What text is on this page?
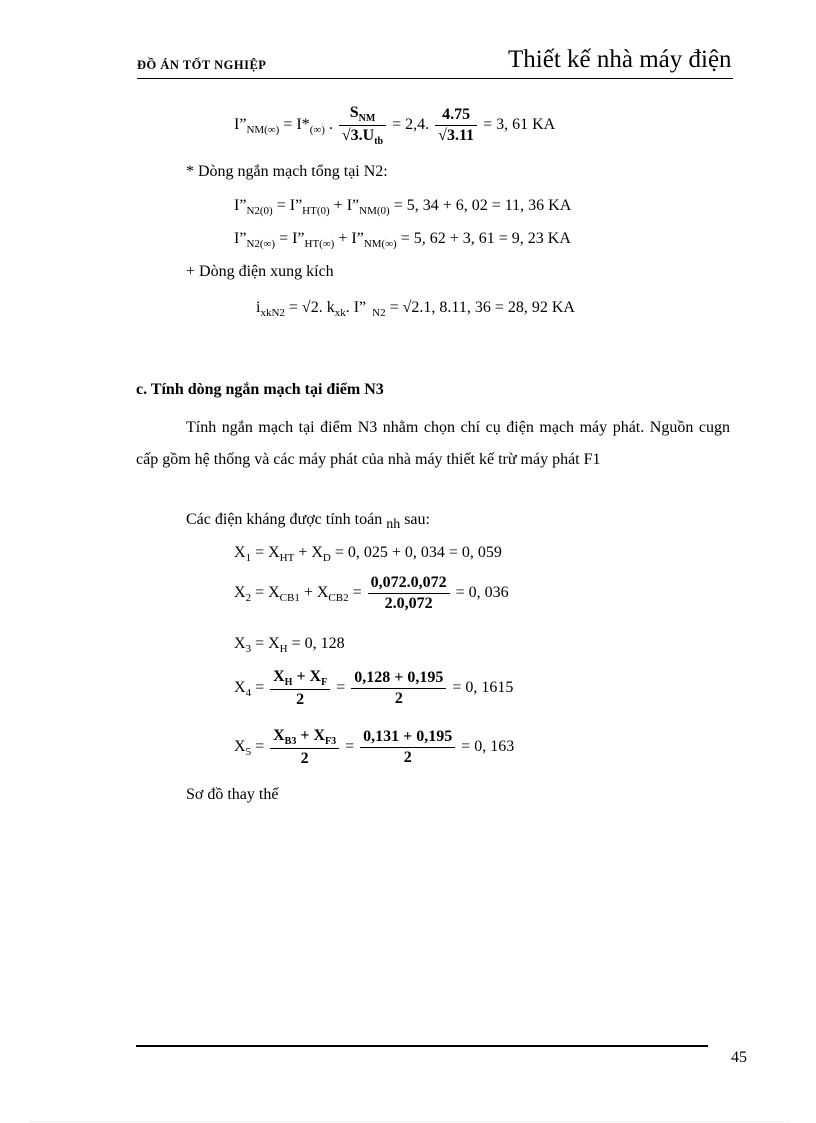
ĐỒ ÁN TỐT NGHIỆP	Thiết kế nhà máy điện
$I”_{NM(\infty)} = I*_{(\infty)}$ . $\frac{S_{NM}}{√3.U_{tb}} = 2,4$. $\frac{4.75}{√3.11} = 3$, 61 KA
* Dòng ngắn mạch tổng tại N2:
$I”_{N2(0)}$ = $I”_{HT(0)}$ + $I”_{NM(0)} = 5$, 34 + 6, 02 = 11, 36 KA
$I”_{N2(\infty)}$ = $I”_{HT(\infty)}$ + $I”_{NM(\infty)} = 5$, 62 + 3, 61 = 9, 23 KA
+ Dòng điện xung kích
$i_{xkN2} = √2$. $k_{xk}$. I” $_{N2}$ = √2.1, 8.11, 36 = 28, 92 KA
c. Tính dòng ngắn mạch tại điểm N3
Tính ngắn mạch tại điểm N3 nhằm chọn chí cụ điện mạch máy phát. Nguồn cugn cấp gồm hệ thống và các máy phát của nhà máy thiết kế trừ máy phát F1
Các điện kháng được tính toán nh sau:
$X_1 = X_{HT} + X_D = 0$, 025 + 0, 034 = 0, 059
$X_2 = X_{CB1} + X_{CB2} = \frac{0,072.0,072}{2.0,072} = 0$, 036
$X_3 = X_H = 0$, 128
$X_4 = \frac{X_H + X_F}{2} = \frac{0,128 + 0,195}{2} = 0$, 1615
$X_5 = \frac{X_{B3} + X_{F3}}{2} = \frac{0,131 + 0,195}{2} = 0$, 163
Sơ đồ thay thế
45
